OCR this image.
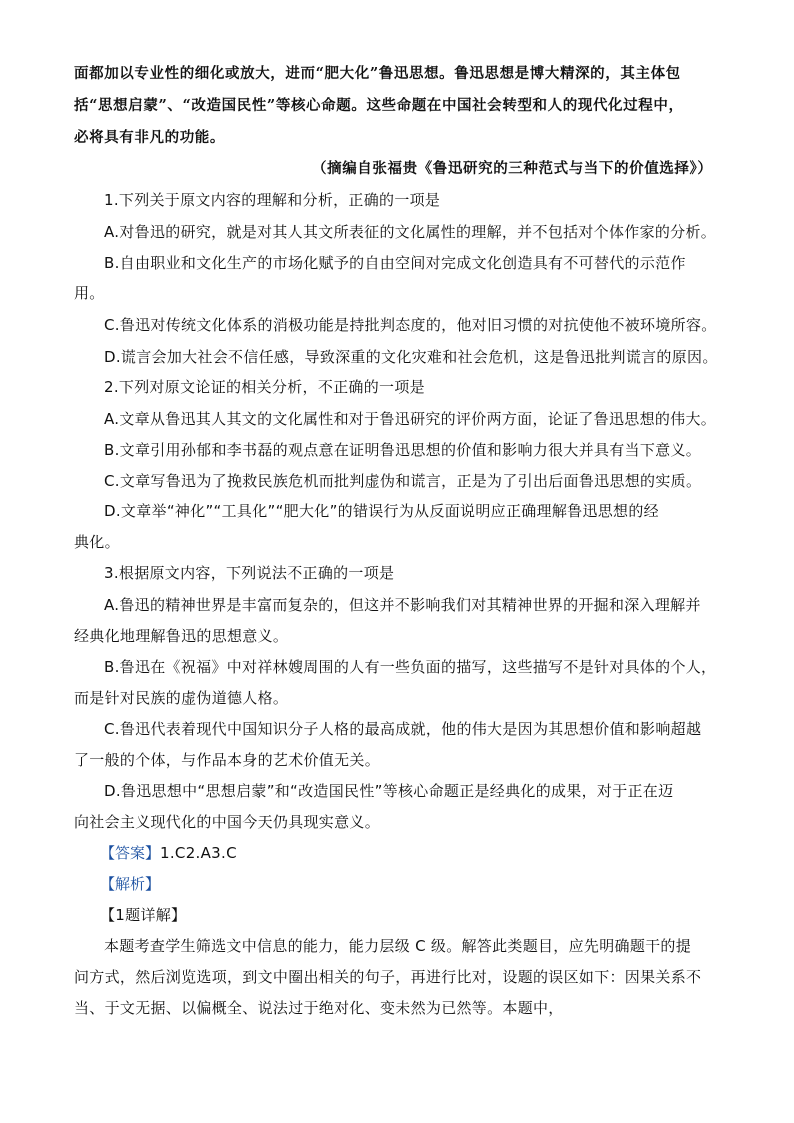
面都加以专业性的细化或放大，进而“肥大化”鲁迅思想。鲁迅思想是博大精深的，其主体包

括“思想启蒙”、“改造国民性”等核心命题。这些命题在中国社会转型和人的现代化过程中，

必将具有非凡的功能。

（摘编自张福贵《鲁迅研究的三种范式与当下的价值选择》）

1.下列关于原文内容的理解和分析，正确的一项是

A.对鲁迅的研究，就是对其人其文所表征的文化属性的理解，并不包括对个体作家的分析。

B.自由职业和文化生产的市场化赋予的自由空间对完成文化创造具有不可替代的示范作

用。

C.鲁迅对传统文化体系的消极功能是持批判态度的，他对旧习惯的对抗使他不被环境所容。

D.谎言会加大社会不信任感，导致深重的文化灾难和社会危机，这是鲁迅批判谎言的原因。

2.下列对原文论证的相关分析，不正确的一项是

A.文章从鲁迅其人其文的文化属性和对于鲁迅研究的评价两方面，论证了鲁迅思想的伟大。

B.文章引用孙郁和李书磊的观点意在证明鲁迅思想的价值和影响力很大并具有当下意义。

C.文章写鲁迅为了挽救民族危机而批判虚伪和谎言，正是为了引出后面鲁迅思想的实质。

D.文章举“神化”“工具化”“肥大化”的错误行为从反面说明应正确理解鲁迅思想的经

典化。

3.根据原文内容，下列说法不正确的一项是

A.鲁迅的精神世界是丰富而复杂的，但这并不影响我们对其精神世界的开掘和深入理解并

经典化地理解鲁迅的思想意义。

B.鲁迅在《祝福》中对祥林嫂周围的人有一些负面的描写，这些描写不是针对具体的个人，

而是针对民族的虚伪道德人格。

C.鲁迅代表着现代中国知识分子人格的最高成就，他的伟大是因为其思想价值和影响超越

了一般的个体，与作品本身的艺术价值无关。

D.鲁迅思想中“思想启蒙”和“改造国民性”等核心命题正是经典化的成果，对于正在迈

向社会主义现代化的中国今天仍具现实意义。

【答案】1.C2.A3.C

【解析】

【1题详解】

本题考查学生筛选文中信息的能力，能力层级 C 级。解答此类题目，应先明确题干的提

问方式，然后浏览选项，到文中圈出相关的句子，再进行比对，设题的误区如下：因果关系不

当、于文无据、以偏概全、说法过于绝对化、变未然为已然等。本题中，
